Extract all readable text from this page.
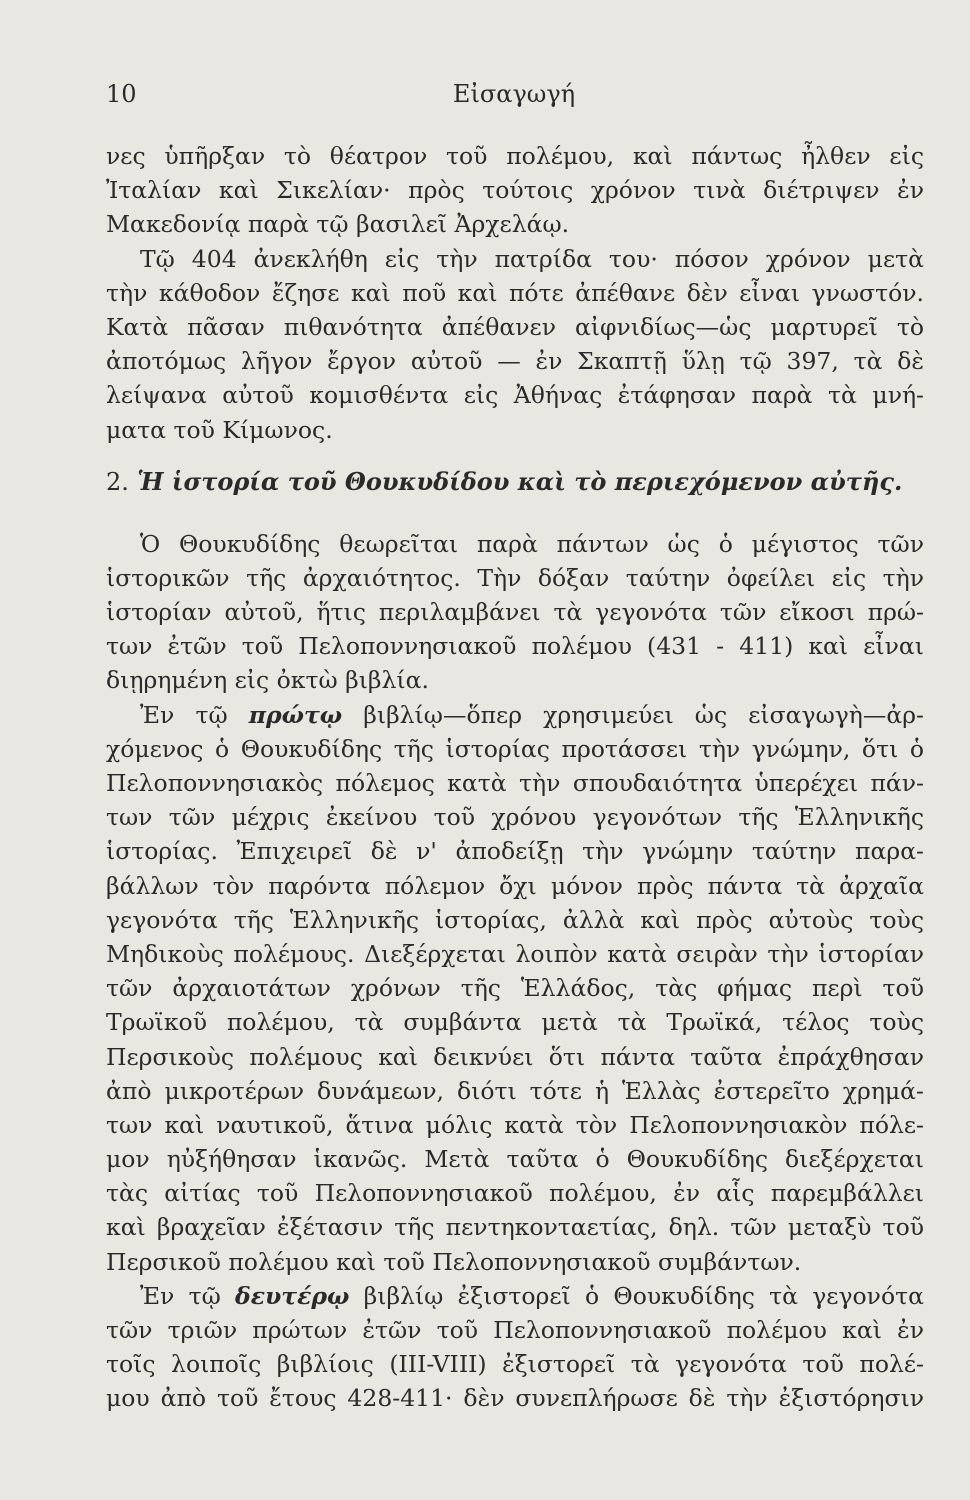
10	Εἰσαγωγή
νες ὑπῆρξαν τὸ θέατρον τοῦ πολέμου, καὶ πάντως ἦλθεν εἰς
Ἰταλίαν καὶ Σικελίαν· πρὸς τούτοις χρόνον τινὰ διέτριψεν ἐν
Μακεδονίᾳ παρὰ τῷ βασιλεῖ Ἀρχελάῳ.
Τῷ 404 ἀνεκλήθη εἰς τὴν πατρίδα του· πόσον χρόνον μετὰ
τὴν κάθοδον ἔζησε καὶ ποῦ καὶ πότε ἀπέθανε δὲν εἶναι γνωστόν.
Κατὰ πᾶσαν πιθανότητα ἀπέθανεν αἰφνιδίως—ὡς μαρτυρεῖ τὸ
ἀποτόμως λῆγον ἔργον αὐτοῦ — ἐν Σκαπτῇ ὕλῃ τῷ 397, τὰ δὲ
λείψανα αὐτοῦ κομισθέντα εἰς Ἀθήνας ἐτάφησαν παρὰ τὰ μνή-
ματα τοῦ Κίμωνος.
2. Ἡ ἱστορία τοῦ Θουκυδίδου καὶ τὸ περιεχόμενον αὐτῆς.
Ὁ Θουκυδίδης θεωρεῖται παρὰ πάντων ὡς ὁ μέγιστος τῶν
ἱστορικῶν τῆς ἀρχαιότητος. Τὴν δόξαν ταύτην ὀφείλει εἰς τὴν
ἱστορίαν αὐτοῦ, ἥτις περιλαμβάνει τὰ γεγονότα τῶν εἴκοσι πρώ-
των ἐτῶν τοῦ Πελοποννησιακοῦ πολέμου (431 - 411) καὶ εἶναι
διῃρημένη εἰς ὀκτὼ βιβλία.
Ἐν τῷ πρώτῳ βιβλίῳ—ὅπερ χρησιμεύει ὡς εἰσαγωγὴ—ἀρ-
χόμενος ὁ Θουκυδίδης τῆς ἱστορίας προτάσσει τὴν γνώμην, ὅτι ὁ
Πελοποννησιακὸς πόλεμος κατὰ τὴν σπουδαιότητα ὑπερέχει πάν-
των τῶν μέχρις ἐκείνου τοῦ χρόνου γεγονότων τῆς Ἑλληνικῆς
ἱστορίας. Ἐπιχειρεῖ δὲ ν' ἀποδείξῃ τὴν γνώμην ταύτην παρα-
βάλλων τὸν παρόντα πόλεμον ὄχι μόνον πρὸς πάντα τὰ ἀρχαῖα
γεγονότα τῆς Ἑλληνικῆς ἱστορίας, ἀλλὰ καὶ πρὸς αὐτοὺς τοὺς
Μηδικοὺς πολέμους. Διεξέρχεται λοιπὸν κατὰ σειρὰν τὴν ἱστορίαν
τῶν ἀρχαιοτάτων χρόνων τῆς Ἑλλάδος, τὰς φήμας περὶ τοῦ
Τρωϊκοῦ πολέμου, τὰ συμβάντα μετὰ τὰ Τρωϊκά, τέλος τοὺς
Περσικοὺς πολέμους καὶ δεικνύει ὅτι πάντα ταῦτα ἐπράχθησαν
ἀπὸ μικροτέρων δυνάμεων, διότι τότε ἡ Ἑλλὰς ἐστερεῖτο χρημά-
των καὶ ναυτικοῦ, ἅτινα μόλις κατὰ τὸν Πελοποννησιακὸν πόλε-
μον ηὐξήθησαν ἱκανῶς. Μετὰ ταῦτα ὁ Θουκυδίδης διεξέρχεται
τὰς αἰτίας τοῦ Πελοποννησιακοῦ πολέμου, ἐν αἷς παρεμβάλλει
καὶ βραχεῖαν ἐξέτασιν τῆς πεντηκονταετίας, δηλ. τῶν μεταξὺ τοῦ
Περσικοῦ πολέμου καὶ τοῦ Πελοποννησιακοῦ συμβάντων.
Ἐν τῷ δευτέρῳ βιβλίῳ ἐξιστορεῖ ὁ Θουκυδίδης τὰ γεγονότα
τῶν τριῶν πρώτων ἐτῶν τοῦ Πελοποννησιακοῦ πολέμου καὶ ἐν
τοῖς λοιποῖς βιβλίοις (III-VIII) ἐξιστορεῖ τὰ γεγονότα τοῦ πολέ-
μου ἀπὸ τοῦ ἔτους 428-411· δὲν συνεπλήρωσε δὲ τὴν ἐξιστόρησιν
